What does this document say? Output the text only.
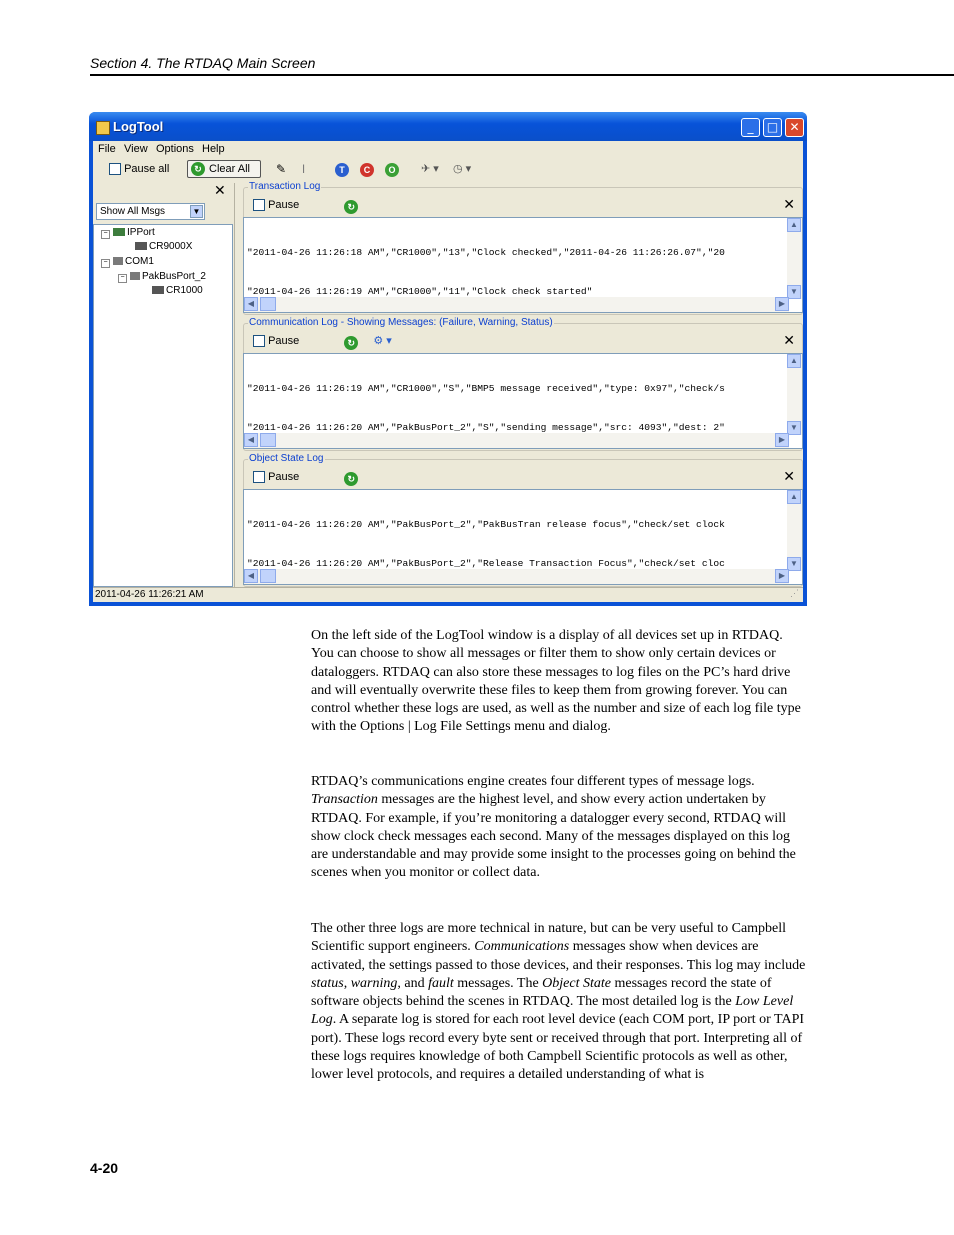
Section 4. The RTDAQ Main Screen
LogTool	_	□ ✕
File View Options Help
Pause all	↻ Clear All ✎ ǀ	T	C	O	✈ ▾ ◷ ▾
✕
Show All Msgs	▼
− IPPort
CR9000X
− COM1
− PakBusPort_2
CR1000
Transaction Log
Pause	↻	✕

"2011-04-26 11:26:18 AM","CR1000","13","Clock checked","2011-04-26 11:26:26.07","20

"2011-04-26 11:26:19 AM","CR1000","11","Clock check started"

▲
▼
◀	▶
Communication Log - Showing Messages: (Failure, Warning, Status)
Pause	↻ ⚙ ▾	✕

"2011-04-26 11:26:19 AM","CR1000","S","BMP5 message received","type: 0x97","check/s

"2011-04-26 11:26:20 AM","PakBusPort_2","S","sending message","src: 4093","dest: 2"

▲
▼
◀	▶
Object State Log
Pause	↻	✕

"2011-04-26 11:26:20 AM","PakBusPort_2","PakBusTran release focus","check/set clock

"2011-04-26 11:26:20 AM","PakBusPort_2","Release Transaction Focus","check/set cloc

▲
▼
◀	▶
2011-04-26 11:26:21 AM	⋰

On the left side of the LogTool window is a display of all devices set up in RTDAQ. You can choose to show all messages or filter them to show only certain devices or dataloggers. RTDAQ can also store these messages to log files on the PC’s hard drive and will eventually overwrite these files to keep them from growing forever. You can control whether these logs are used, as well as the number and size of each log file type with the Options | Log File Settings menu and dialog.

RTDAQ’s communications engine creates four different types of message logs. Transaction messages are the highest level, and show every action undertaken by RTDAQ. For example, if you’re monitoring a datalogger every second, RTDAQ will show clock check messages each second. Many of the messages displayed on this log are understandable and may provide some insight to the processes going on behind the scenes when you monitor or collect data.

The other three logs are more technical in nature, but can be very useful to Campbell Scientific support engineers. Communications messages show when devices are activated, the settings passed to those devices, and their responses. This log may include status, warning, and fault messages. The Object State messages record the state of software objects behind the scenes in RTDAQ. The most detailed log is the Low Level Log. A separate log is stored for each root level device (each COM port, IP port or TAPI port). These logs record every byte sent or received through that port. Interpreting all of these logs requires knowledge of both Campbell Scientific protocols as well as other, lower level protocols, and requires a detailed understanding of what is

4-20
